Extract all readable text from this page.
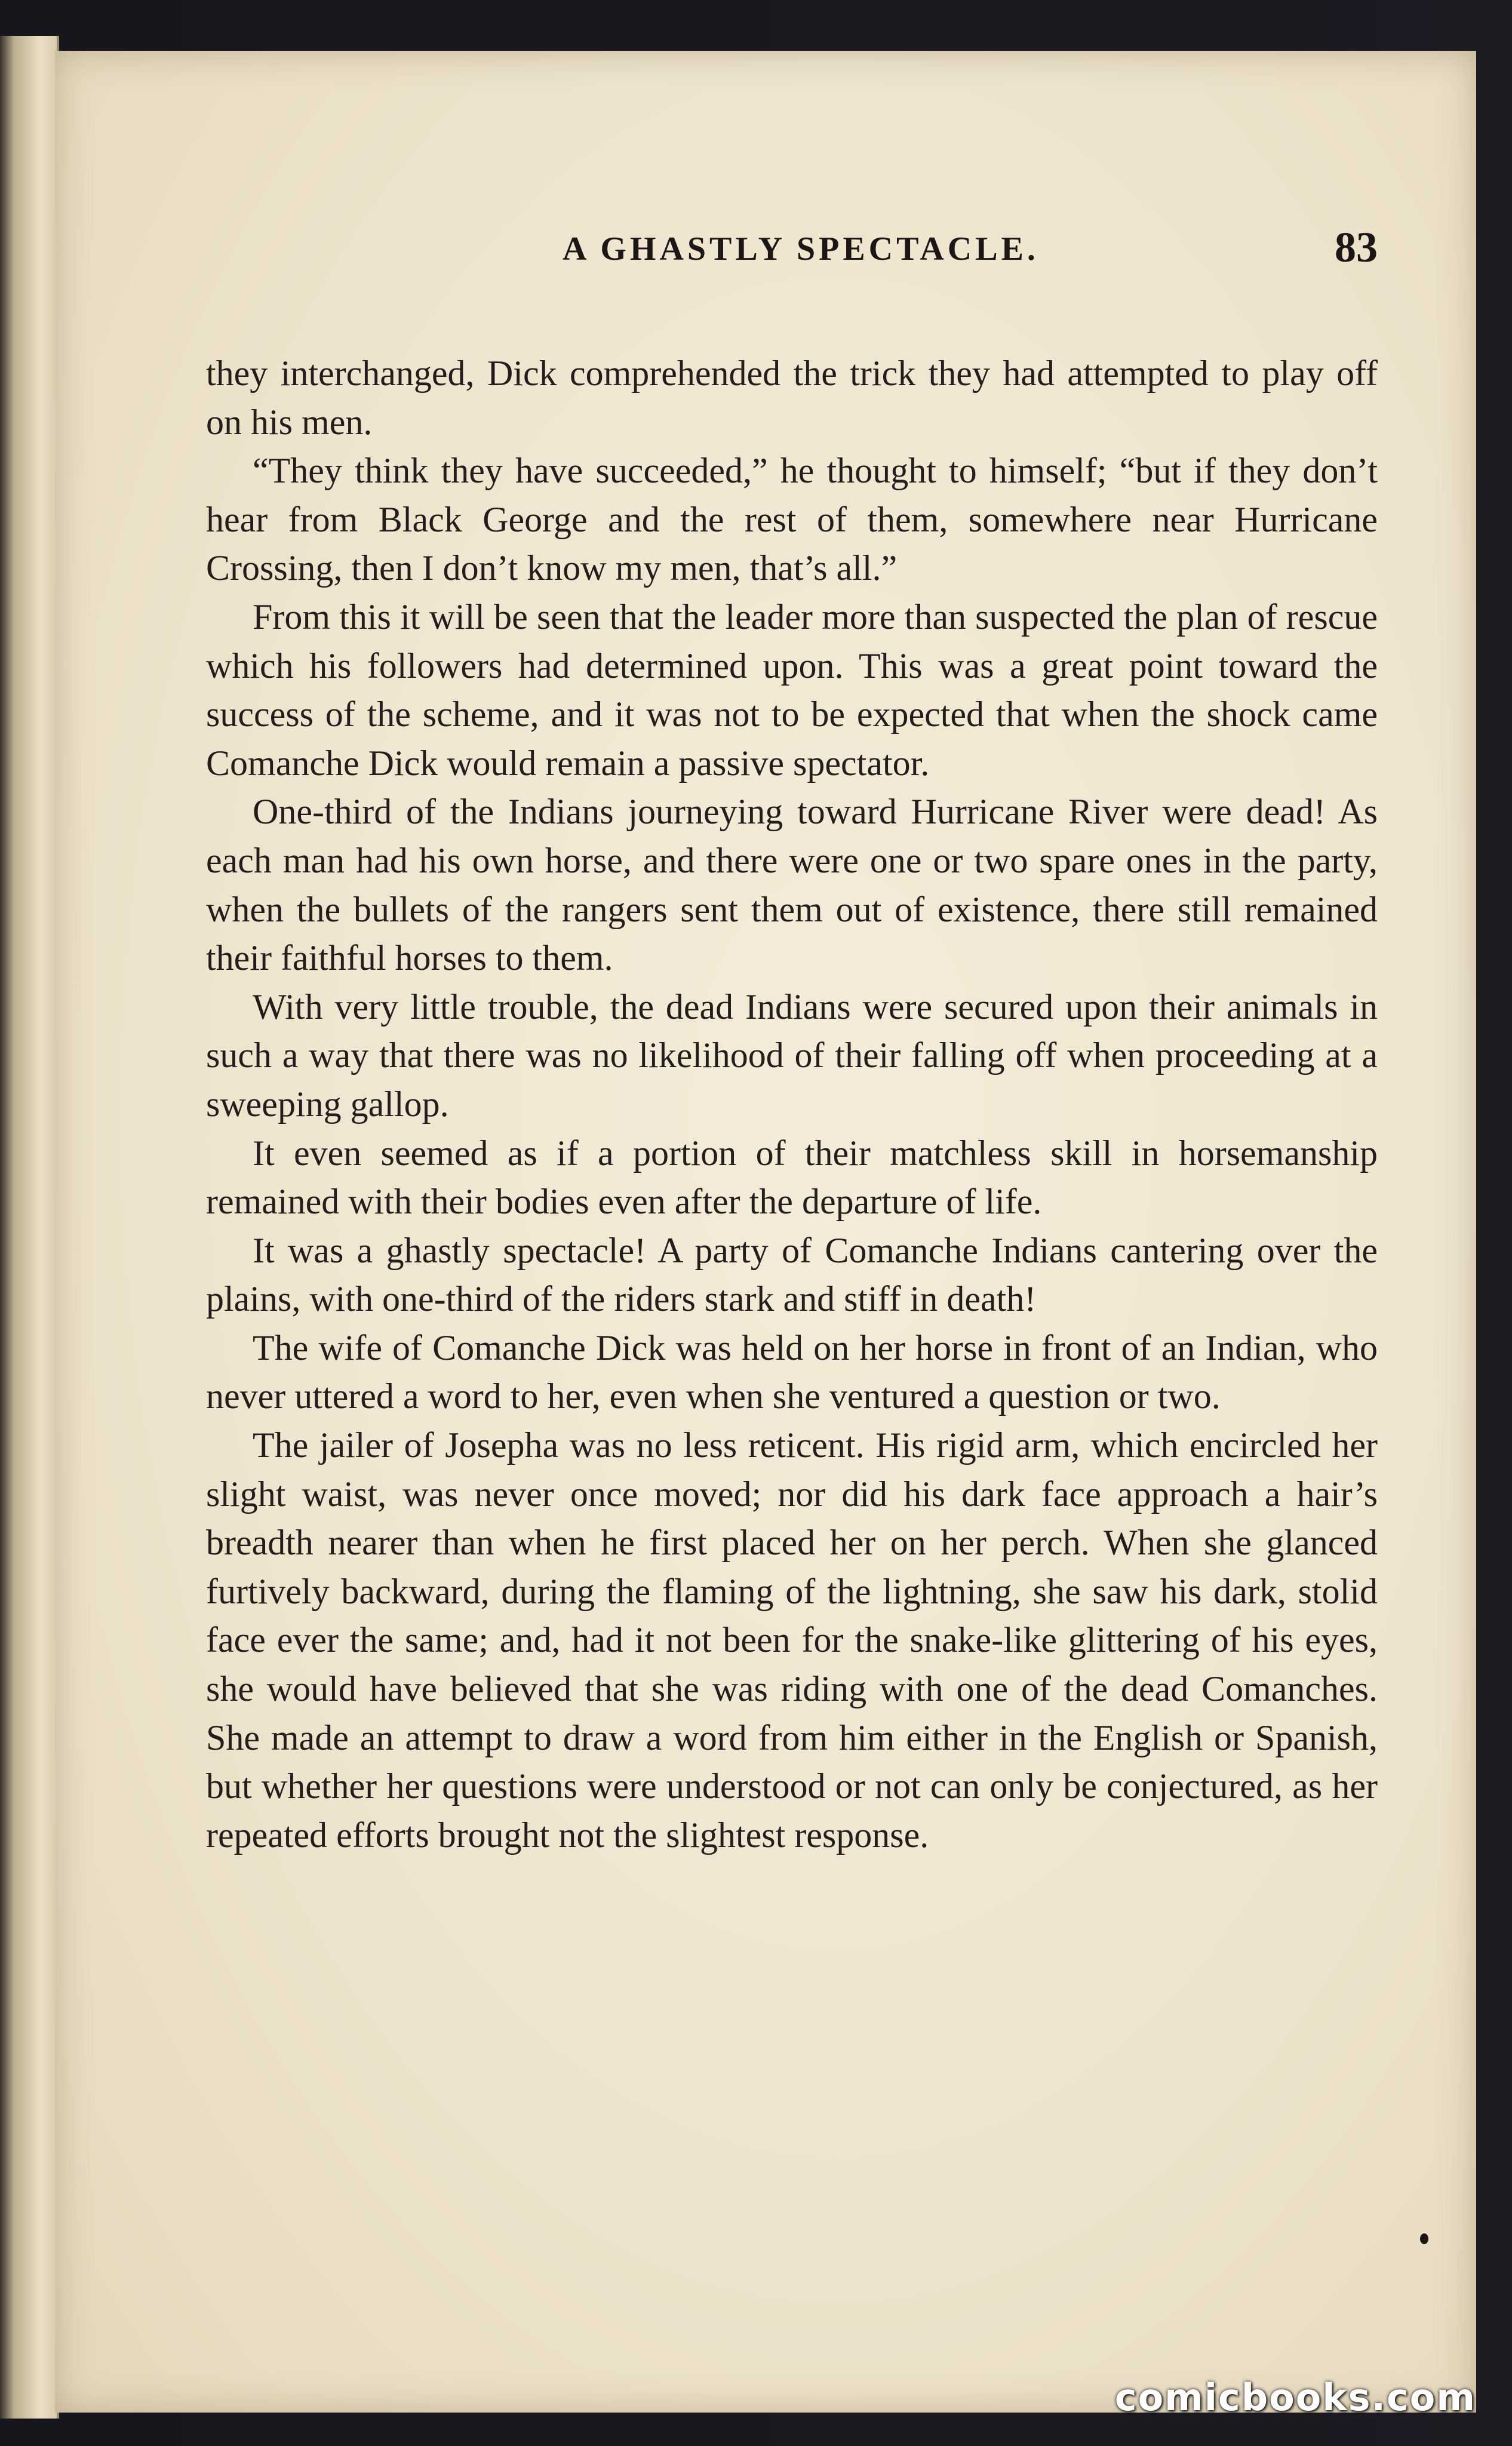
A GHASTLY SPECTACLE.	83

they interchanged, Dick comprehended the trick they had attempted to play off on his men.

“They think they have succeeded,” he thought to himself; “but if they don’t hear from Black George and the rest of them, somewhere near Hurricane Crossing, then I don’t know my men, that’s all.”

From this it will be seen that the leader more than suspected the plan of rescue which his followers had determined upon. This was a great point toward the success of the scheme, and it was not to be expected that when the shock came Comanche Dick would remain a passive spectator.

One-third of the Indians journeying toward Hurricane River were dead! As each man had his own horse, and there were one or two spare ones in the party, when the bullets of the rangers sent them out of existence, there still remained their faithful horses to them.

With very little trouble, the dead Indians were secured upon their animals in such a way that there was no likelihood of their falling off when proceeding at a sweeping gallop.

It even seemed as if a portion of their matchless skill in horsemanship remained with their bodies even after the departure of life.

It was a ghastly spectacle! A party of Comanche Indians cantering over the plains, with one-third of the riders stark and stiff in death!

The wife of Comanche Dick was held on her horse in front of an Indian, who never uttered a word to her, even when she ventured a question or two.

The jailer of Josepha was no less reticent. His rigid arm, which encircled her slight waist, was never once moved; nor did his dark face approach a hair’s breadth nearer than when he first placed her on her perch. When she glanced furtively backward, during the flaming of the lightning, she saw his dark, stolid face ever the same; and, had it not been for the snake-like glittering of his eyes, she would have believed that she was riding with one of the dead Comanches. She made an attempt to draw a word from him either in the English or Spanish, but whether her questions were understood or not can only be conjectured, as her repeated efforts brought not the slightest response.

comicbooks.com
